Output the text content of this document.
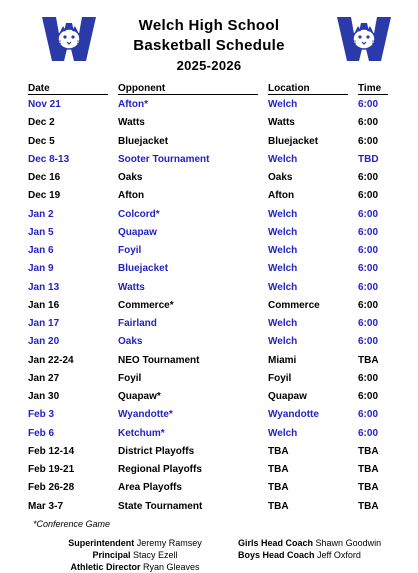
Welch High School
Basketball Schedule
2025-2026
Date	Opponent	Location	Time
Nov 21	Afton*	Welch	6:00
Dec 2	Watts	Watts	6:00
Dec 5	Bluejacket	Bluejacket	6:00
Dec 8-13	Sooter Tournament	Welch	TBD
Dec 16	Oaks	Oaks	6:00
Dec 19	Afton	Afton	6:00
Jan 2	Colcord*	Welch	6:00
Jan 5	Quapaw	Welch	6:00
Jan 6	Foyil	Welch	6:00
Jan 9	Bluejacket	Welch	6:00
Jan 13	Watts	Welch	6:00
Jan 16	Commerce*	Commerce	6:00
Jan 17	Fairland	Welch	6:00
Jan 20	Oaks	Welch	6:00
Jan 22-24	NEO Tournament	Miami	TBA
Jan 27	Foyil	Foyil	6:00
Jan 30	Quapaw*	Quapaw	6:00
Feb 3	Wyandotte*	Wyandotte	6:00
Feb 6	Ketchum*	Welch	6:00
Feb 12-14	District Playoffs	TBA	TBA
Feb 19-21	Regional Playoffs	TBA	TBA
Feb 26-28	Area Playoffs	TBA	TBA
Mar 3-7	State Tournament	TBA	TBA
*Conference Game
Superintendent Jeremy Ramsey
Principal Stacy Ezell
Athletic Director Ryan Gleaves
Girls Head Coach Shawn Goodwin
Boys Head Coach Jeff Oxford
